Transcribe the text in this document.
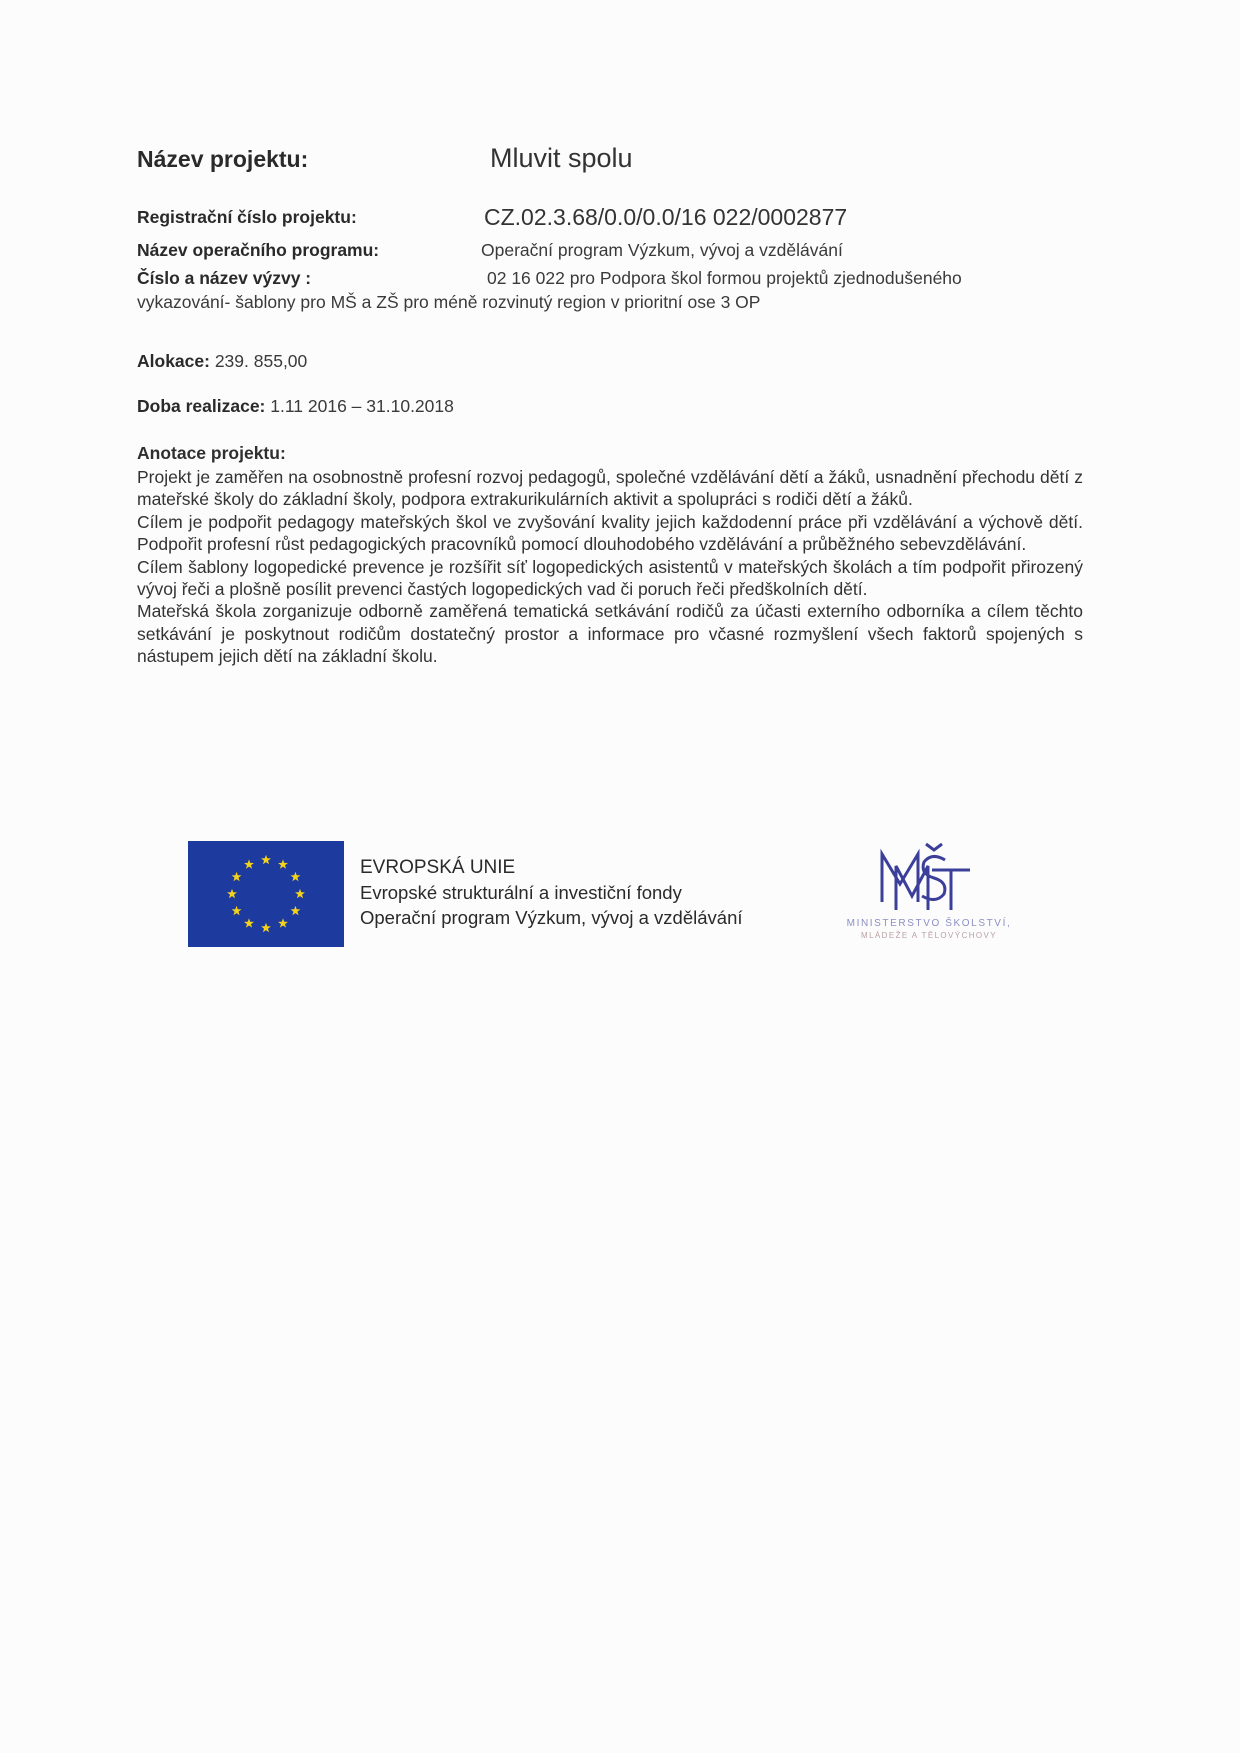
Název projektu:	Mluvit spolu
Registrační číslo projektu:	CZ.02.3.68/0.0/0.0/16 022/0002877
Název operačního programu:	Operační program Výzkum, vývoj a vzdělávání
Číslo a název výzvy :	02 16 022 pro Podpora škol formou projektů zjednodušeného
vykazování- šablony pro MŠ a ZŠ pro méně rozvinutý region v prioritní ose 3 OP
Alokace: 239. 855,00
Doba realizace: 1.11 2016 – 31.10.2018
Anotace projektu:

Projekt je zaměřen na osobnostně profesní rozvoj pedagogů, společné vzdělávání dětí a žáků, usnadnění přechodu dětí z mateřské školy do základní školy, podpora extrakurikulárních aktivit a spolupráci s rodiči dětí a žáků.

Cílem je podpořit pedagogy mateřských škol ve zvyšování kvality jejich každodenní práce při vzdělávání a výchově dětí. Podpořit profesní růst pedagogických pracovníků pomocí dlouhodobého vzdělávání a průběžného sebevzdělávání.

Cílem šablony logopedické prevence je rozšířit síť logopedických asistentů v mateřských školách a tím podpořit přirozený vývoj řeči a plošně posílit prevenci častých logopedických vad či poruch řeči předškolních dětí.

Mateřská škola zorganizuje odborně zaměřená tematická setkávání rodičů za účasti externího odborníka a cílem těchto setkávání je poskytnout rodičům dostatečný prostor a informace pro včasné rozmyšlení všech faktorů spojených s nástupem jejich dětí na základní školu.

EVROPSKÁ UNIE
Evropské strukturální a investiční fondy
Operační program Výzkum, vývoj a vzdělávání	MINISTERSTVO ŠKOLSTVÍ,
MLÁDEŽE A TĚLOVÝCHOVY
